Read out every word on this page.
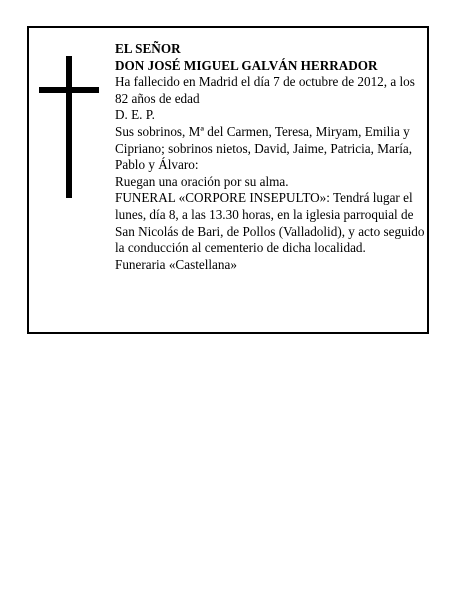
EL SEÑOR

DON JOSÉ MIGUEL GALVÁN HERRADOR

Ha fallecido en Madrid el día 7 de octubre de 2012, a los 82 años de edad

D. E. P.

Sus sobrinos, Mª del Carmen, Teresa, Miryam, Emilia y Cipriano; sobrinos nietos, David, Jaime, Patricia, María, Pablo y Álvaro:

Ruegan una oración por su alma.

FUNERAL «CORPORE INSEPULTO»: Tendrá lugar el lunes, día 8, a las 13.30 horas, en la iglesia parroquial de San Nicolás de Bari, de Pollos (Valladolid), y acto seguido la conducción al cementerio de dicha localidad.

Funeraria «Castellana»
